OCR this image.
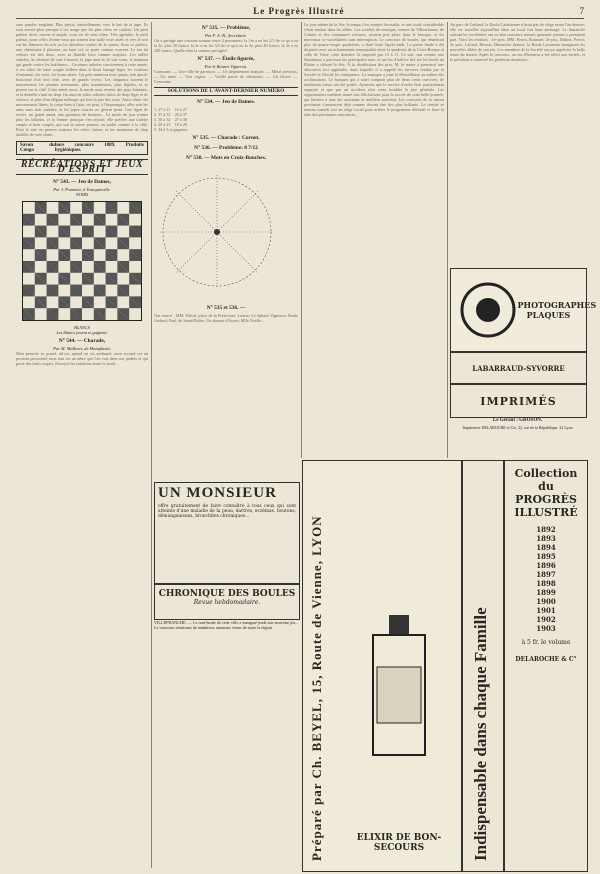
Le Progrès Illustré	7
sans paroles emplatie. Plus précis, naturellement, vers le bas de la jupe. Ils sont encore plus presque à cet usage que les plus chers en couleur. Un petit paletot droit, ouvert et ample, vous est de rien crâne. Très agréable, le petit paletot, pour celles d'entre vous qui aiment leur taille reste aisée, et vers le soir sur les flâneries du soir ou les dernières sorties de la saison. Sous ce paletot, une chemisette à plastron, un haut col, se porte comme souvent. Le ton du velours est très doux, avec sa flanelle lisse comme toujours. Les tailles cintrées, la ceinture de cuir à boucle, la jupe unie et, le soir venu, le manteau qui garde contre les fraîcheurs... Certaines toilettes conviennent à cette année, à ces robes de laine souple taillées dans le beau lainage léger, les couleurs d'automne, les verts, les bruns dorés. Un petit manteau trois quarts, très ajusté, boutonné d'un seul côté, avec de grands revers. Les chapeaux suivent le mouvement; les plumes reviennent, plus nombreuses, plus légères, et se posent sur le côté. Cette année aussi, la mode nous revient des pays lointains, et la dentelle s'unit au drap. On aura de jolies toilettes faites de drap léger et de velours, et plus d'un élégant mélange qui fera la joie des yeux. Ainsi vêtue, les mouvements libres, le corps bien à l'aise, on peut, à l'impromptu, aller voir les amis sans rien craindre, et les jupes courtes ne gênent point. Une ligne de revers, un grand nœud, une garniture de boutons... La mode du jour n'aime plus les falbalas, et la femme pratique s'en réjouit; elle préfère une toilette simple et bien coupée, qui sait la suivre partout, au jardin comme à la ville. Pour le soir on portera toujours les robes claires, et les manteaux de drap doublés de soie claire...
Savon du Congo
hors concours 1889. Produits hygiéniques.
RÉCRÉATIONS ET JEUX D'ESPRIT
N° 543. — Jeu de Dames,
Par J. Pommier, à Tranquieville.
NOIRS
BLANCS
Les blancs jouent et gagnent.
N° 544. — Charade,
Par M. Mallevet, de Montplaisir.
Mon premier se prend, dit-on, quand on est enrhumé; mon second est un pronom personnel; mon tout est un arbre que l'on voit dans nos jardins et qui porte des fruits exquis. Envoyer les solutions avant le jeudi...
N° 535. — Problème,
Par F. A.-B., Secrétaire.
On a partagé une certaine somme entre 3 personnes; la 1re a eu les 2/3 de ce qu'a eu la 2e, plus 50 francs; la 2e a eu les 3/4 de ce qu'a eu la 3e, plus 40 francs; la 3e a eu 240 francs. Quelle était la somme partagée?
N° 537. — Étoile figurée,
Par le Bonnet Vigneron.
Consonne. — Une ville de garnison. — Un département français. — Métal précieux. — Un saint. — Une région. — Vieille partie de vêtements. — Un fleuve. — Consonne.
SOLUTIONS DE L'AVANT-DERNIER NUMÉRO
N° 534. — Jeu de Dames.
1. 27 à 21    16 à 27
2. 37 à 31    26 à 37
3. 38 à 32    27 à 38
4. 29 à 23    18 à 29
5. 34 à 3 et gagnent.
N° 535. — Charade : Cornet.
N° 536. — Problème: 8 7/12
N° 538. — Mots en Croix-Bouches.
N° 535 et 536. —
Ont trouvé : MM. Hilval, place de la Préfecture; Louise; Le Sphinx Vigneron; Émile Godard; Paul, de Saint-Didier; Un abonné d'Aurec; Mlle Noëlle...
Le jour même de la fête, le temps s'est montré favorable, et une foule considérable s'était rendue dans les allées. Les sociétés de musique, venues de Villeurbanne, de Caluire et des communes voisines, avaient pris place dans le kiosque, et les morceaux se succédaient sans interruption. Le concours de boules, qui réunissait plus de quatre-vingts quadrettes, a duré toute l'après-midi. La partie finale a été disputée avec un acharnement remarquable entre la quadrette de la Croix-Rousse et celle de Vaise; cette dernière l'a emporté par 13 à 11. Le soir, une retraite aux flambeaux a parcouru les principales rues, et un feu d'artifice tiré sur les bords du Rhône a clôturé la fête. À la distribution des prix, M. le maire a prononcé une allocution fort applaudie, dans laquelle il a rappelé les services rendus par la Société et félicité les vainqueurs. La musique a joué la Marseillaise au milieu des acclamations. Le banquet qui a suivi comptait plus de deux cents convives; de nombreux toasts ont été portés. Ajoutons que le service d'ordre était parfaitement organisé et que pas un accident n'est venu troubler la joie générale. Les organisateurs méritent toutes nos félicitations pour le succès de cette belle journée, qui laissera à tous les assistants le meilleur souvenir. Les concours de la saison prochaine s'annoncent déjà comme devant être des plus brillants. Le comité se réunira samedi soir au siège social pour arrêter le programme définitif et fixer la date des prochaines rencontres...
Au parc de Gerland, la Boule Calaisienne n'avait pas de siège avant l'an dernier; elle est installée aujourd'hui dans un local fort bien aménagé. Le dimanche suivant les sociétaires ont eu leur concours annuel; quarante joueurs y prenaient part. Voici les résultats : 1er prix, MM. Perrot, Bonnard; 2e prix, Dubois, Perret; 3e prix, Lafond, Besson. Dimanche dernier, la Boule Lyonnaise inaugurait les nouvelles allées de son jeu. Les membres de la Société ont pu apprécier la belle tenue du terrain. Après le concours, un vin d'honneur a été offert aux invités, et le président a remercié les généreux donateurs...
PHOTOGRAPHES PLAQUES
LABARRAUD-SYVORRE
IMPRIMÉS
Le Gérant : GROSON.
Imprimerie DELAROCHE et Cie, 22, rue de la République, 22 Lyon
UN MONSIEUR
offre gratuitement de faire connaître à tous ceux qui sont atteints d'une maladie de la peau, dartres, eczémas, boutons, démangeaisons, bronchites chroniques...
CHRONIQUE DES BOULES
Revue hebdomadaire.
VILLEFRANCHE. — Le tout-boule de cette ville a inauguré jeudi son nouveau jeu... Le concours réunissait de nombreux amateurs venus de toute la région.	Préparé par Ch. BEYEL, 15, Route de Vienne, LYON	ELIXIR DE BON-SECOURS	Indispensable dans chaque Famille
Collection du PROGRÈS ILLUSTRÉ
1892
1893
1894
1895
1896
1897
1898
1899
1900
1901
1902
1903
à 5 fr. le volume
DELAROCHE & C°
